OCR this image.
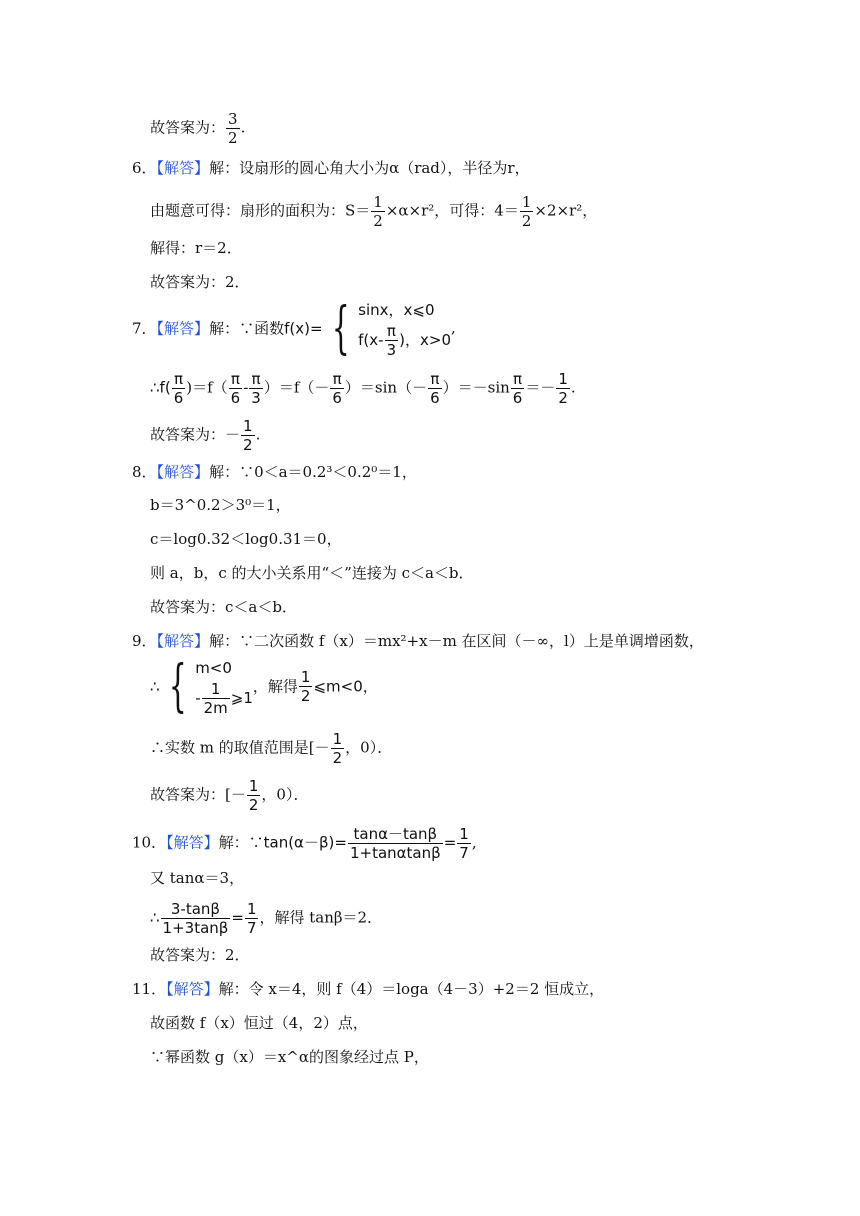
故答案为： $\frac{3}{2}$ .
6．【解答】解：设扇形的圆心角大小为α（rad），半径为r，
由题意可得：扇形的面积为：$S= \frac{1}{2} \times\alpha\times r^2$，可得：$4= \frac{1}{2} \times 2\times r^2$，
解得：r＝2．
故答案为：2．
7．【解答】解：∵函数f(x)= { sinx，x⩽0
$f(x- \frac{\pi}{3}$ )，x>0
,
∴f( $\frac{\pi}{6} )=f( \frac{\pi}{6} - \frac{\pi}{3} )=f(- \frac{\pi}{6} )=\sin(- \frac{\pi}{6} )=-\sin \frac{\pi}{6} =- \frac{1}{2}$ .
故答案为：－ $\frac{1}{2}$ .
8．【解答】解：∵0＜a＝0.2³＜0.2⁰＝1，
b＝3^0.2＞3⁰＝1，
c＝log0.32＜log0.31＝0，
则 a，b，c 的大小关系用“＜”连接为 c＜a＜b．
故答案为：c＜a＜b．
9．【解答】解：∵二次函数 f（x）＝mx²+x－m 在区间（－∞，l）上是单调增函数，
∴ { m<0
- $\frac{1}{2m}$ ⩾1
，解得 $\frac{1}{2}$ ⩽m<0，
∴实数 m 的取值范围是[－ $\frac{1}{2}$ ，0）．
故答案为：[－ $\frac{1}{2}$ ，0）．
10．【解答】解：∵tan(α－β)= $\frac{\tan\alpha-\tan\beta}{1+\tan\alpha\tan\beta} = \frac{1}{7}$ ,
又 tanα＝3，
∴ $\frac{3-\tan\beta}{1+3\tan\beta} = \frac{1}{7}$ ，解得 tanβ＝2．
故答案为：2．
11．【解答】解：令 x＝4，则 f（4）＝loga（4－3）+2＝2 恒成立，
故函数 f（x）恒过（4，2）点，
∵幂函数 g（x）＝x^α的图象经过点 P，
